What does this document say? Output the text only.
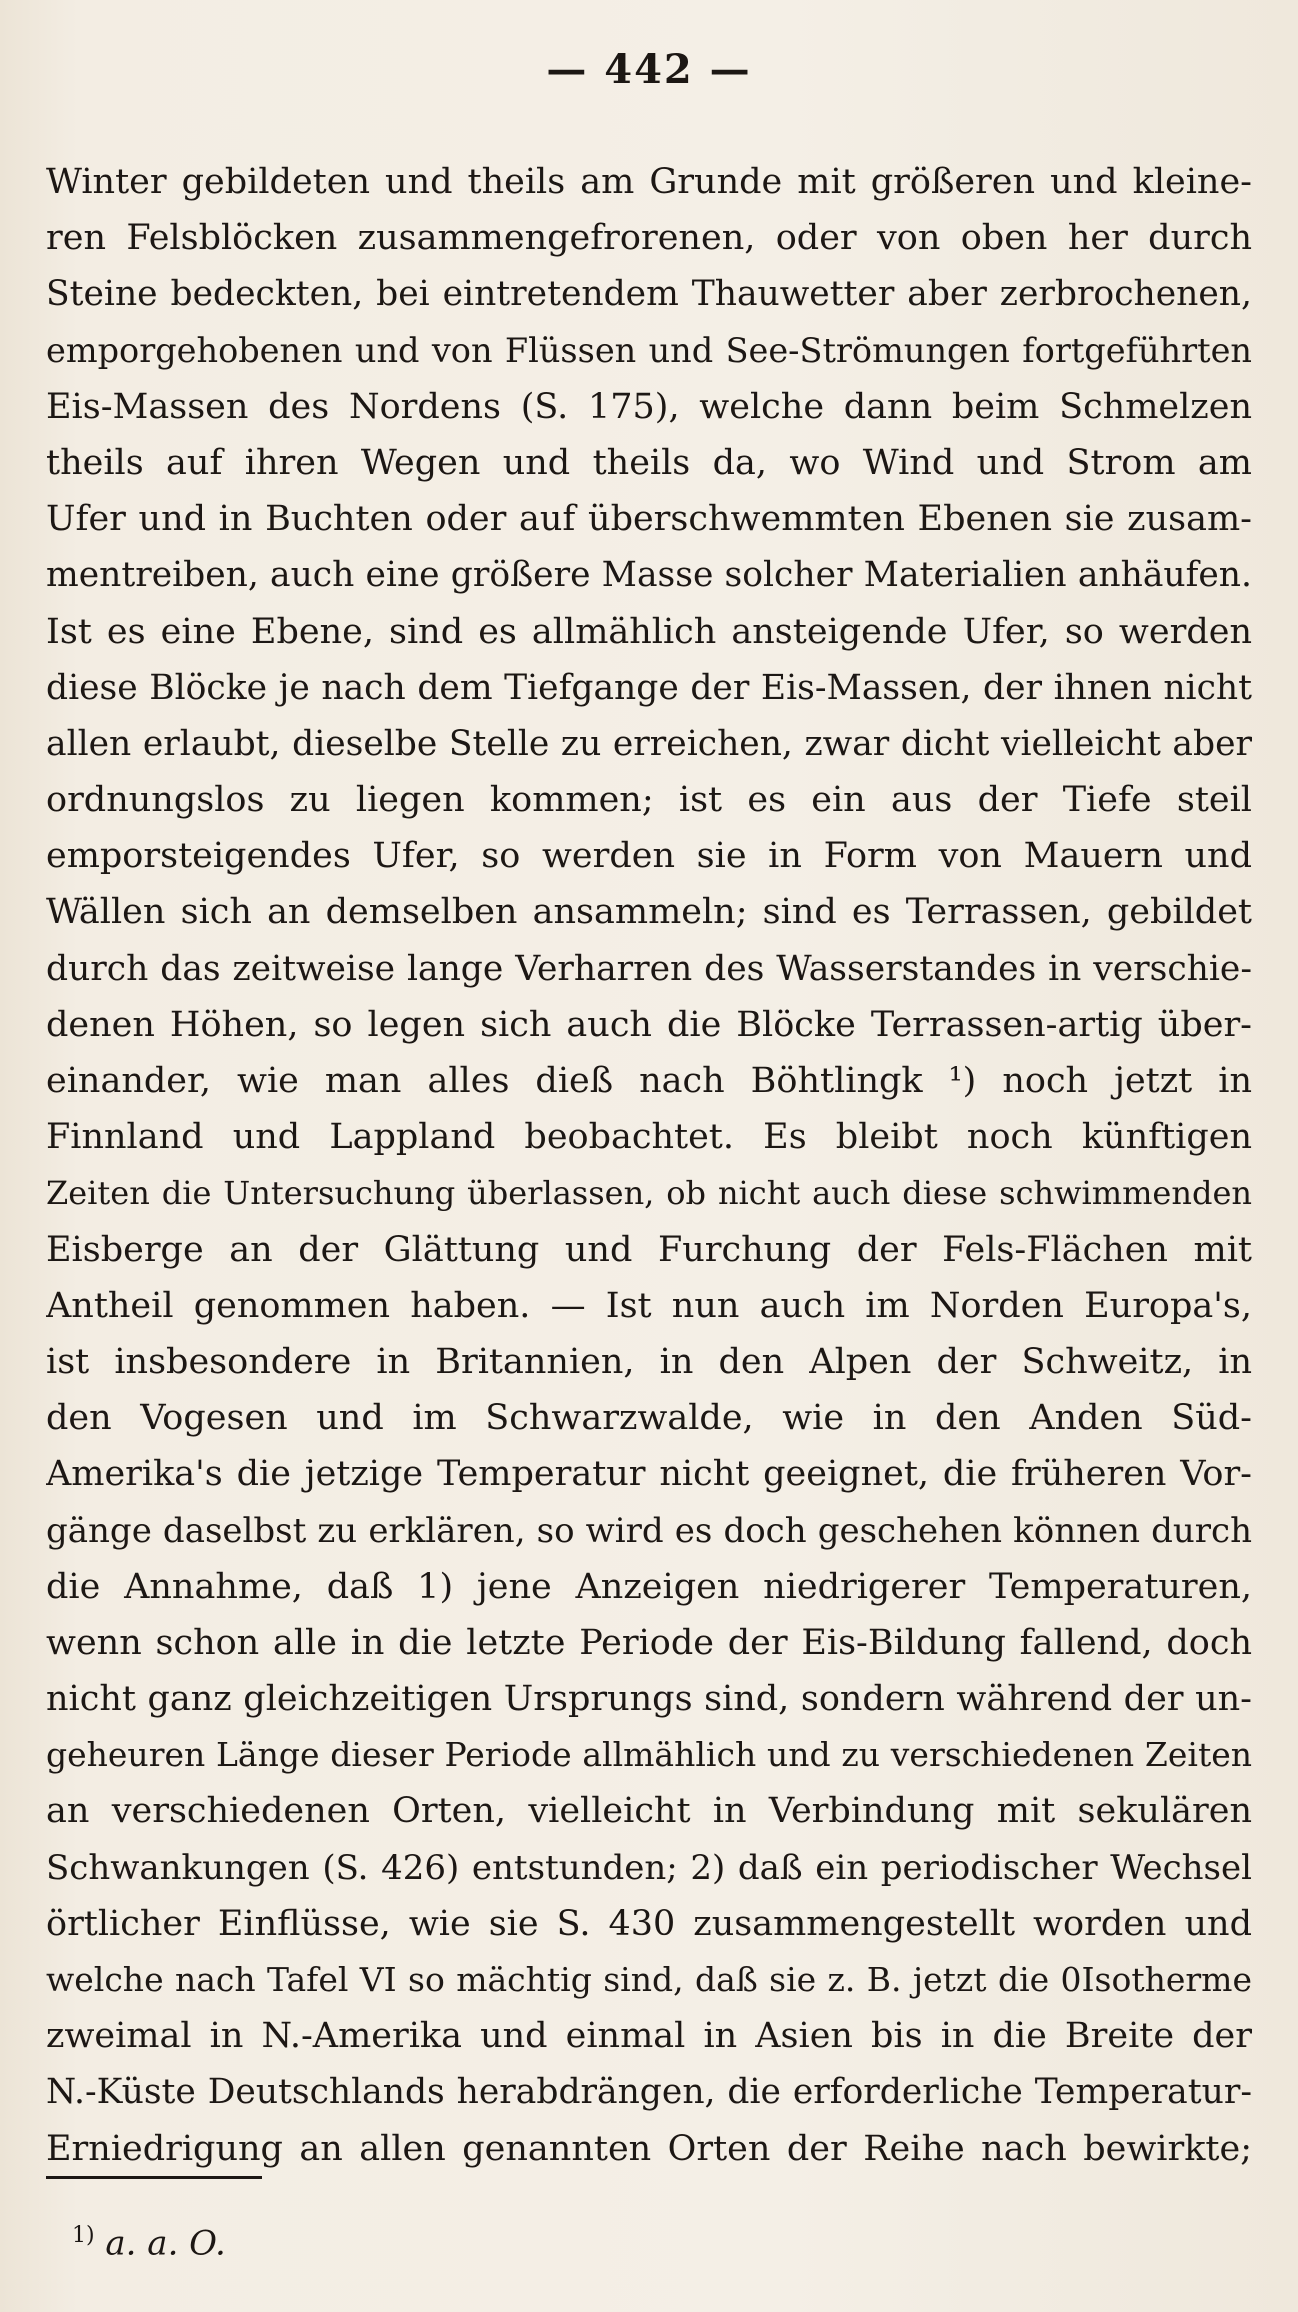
— 442 —
Winter gebildeten und theils am Grunde mit größeren und kleine-
ren Felsblöcken zusammengefrorenen, oder von oben her durch
Steine bedeckten, bei eintretendem Thauwetter aber zerbrochenen,
emporgehobenen und von Flüssen und See-Strömungen fortgeführten
Eis-Massen des Nordens (S. 175), welche dann beim Schmelzen
theils auf ihren Wegen und theils da, wo Wind und Strom am
Ufer und in Buchten oder auf überschwemmten Ebenen sie zusam-
mentreiben, auch eine größere Masse solcher Materialien anhäufen.
Ist es eine Ebene, sind es allmählich ansteigende Ufer, so werden
diese Blöcke je nach dem Tiefgange der Eis-Massen, der ihnen nicht
allen erlaubt, dieselbe Stelle zu erreichen, zwar dicht vielleicht aber
ordnungslos zu liegen kommen; ist es ein aus der Tiefe steil
emporsteigendes Ufer, so werden sie in Form von Mauern und
Wällen sich an demselben ansammeln; sind es Terrassen, gebildet
durch das zeitweise lange Verharren des Wasserstandes in verschie-
denen Höhen, so legen sich auch die Blöcke Terrassen-artig über-
einander, wie man alles dieß nach Böhtlingk ¹) noch jetzt in
Finnland und Lappland beobachtet. Es bleibt noch künftigen
Zeiten die Untersuchung überlassen, ob nicht auch diese schwimmenden
Eisberge an der Glättung und Furchung der Fels-Flächen mit
Antheil genommen haben. — Ist nun auch im Norden Europa's,
ist insbesondere in Britannien, in den Alpen der Schweitz, in
den Vogesen und im Schwarzwalde, wie in den Anden Süd-
Amerika's die jetzige Temperatur nicht geeignet, die früheren Vor-
gänge daselbst zu erklären, so wird es doch geschehen können durch
die Annahme, daß 1) jene Anzeigen niedrigerer Temperaturen,
wenn schon alle in die letzte Periode der Eis-Bildung fallend, doch
nicht ganz gleichzeitigen Ursprungs sind, sondern während der un-
geheuren Länge dieser Periode allmählich und zu verschiedenen Zeiten
an verschiedenen Orten, vielleicht in Verbindung mit sekulären
Schwankungen (S. 426) entstunden; 2) daß ein periodischer Wechsel
örtlicher Einflüsse, wie sie S. 430 zusammengestellt worden und
welche nach Tafel VI so mächtig sind, daß sie z. B. jetzt die 0Isotherme
zweimal in N.-Amerika und einmal in Asien bis in die Breite der
N.-Küste Deutschlands herabdrängen, die erforderliche Temperatur-
Erniedrigung an allen genannten Orten der Reihe nach bewirkte;
$^{1)}$ a. a. O.
